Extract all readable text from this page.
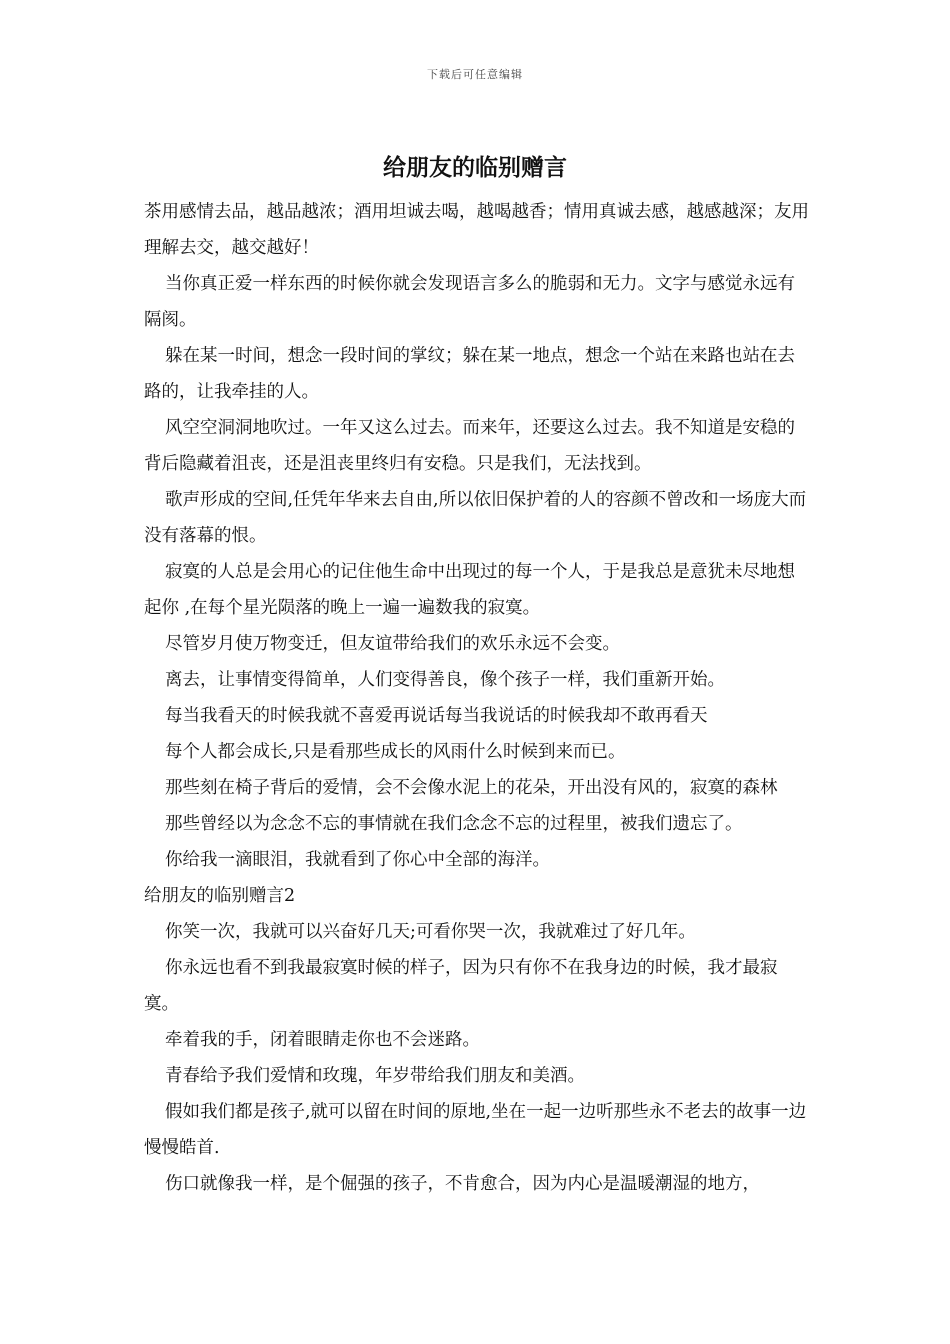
下载后可任意编辑
给朋友的临别赠言

茶用感情去品，越品越浓；酒用坦诚去喝，越喝越香；情用真诚去感，越感越深；友用理解去交，越交越好！

当你真正爱一样东西的时候你就会发现语言多么的脆弱和无力。文字与感觉永远有隔阂。

躲在某一时间，想念一段时间的掌纹；躲在某一地点，想念一个站在来路也站在去路的，让我牵挂的人。

风空空洞洞地吹过。一年又这么过去。而来年，还要这么过去。我不知道是安稳的背后隐藏着沮丧，还是沮丧里终归有安稳。只是我们，无法找到。

歌声形成的空间,任凭年华来去自由,所以依旧保护着的人的容颜不曾改和一场庞大而没有落幕的恨。

寂寞的人总是会用心的记住他生命中出现过的每一个人，于是我总是意犹未尽地想起你 ,在每个星光陨落的晚上一遍一遍数我的寂寞。

尽管岁月使万物变迁，但友谊带给我们的欢乐永远不会变。

离去，让事情变得简单，人们变得善良，像个孩子一样，我们重新开始。

每当我看天的时候我就不喜爱再说话每当我说话的时候我却不敢再看天

每个人都会成长,只是看那些成长的风雨什么时候到来而已。

那些刻在椅子背后的爱情，会不会像水泥上的花朵，开出没有风的，寂寞的森林

那些曾经以为念念不忘的事情就在我们念念不忘的过程里，被我们遗忘了。

你给我一滴眼泪，我就看到了你心中全部的海洋。

给朋友的临别赠言2

你笑一次，我就可以兴奋好几天;可看你哭一次，我就难过了好几年。

你永远也看不到我最寂寞时候的样子，因为只有你不在我身边的时候，我才最寂寞。

牵着我的手，闭着眼睛走你也不会迷路。

青春给予我们爱情和玫瑰，年岁带给我们朋友和美酒。

假如我们都是孩子,就可以留在时间的原地,坐在一起一边听那些永不老去的故事一边慢慢皓首.

伤口就像我一样，是个倔强的孩子，不肯愈合，因为内心是温暖潮湿的地方，
